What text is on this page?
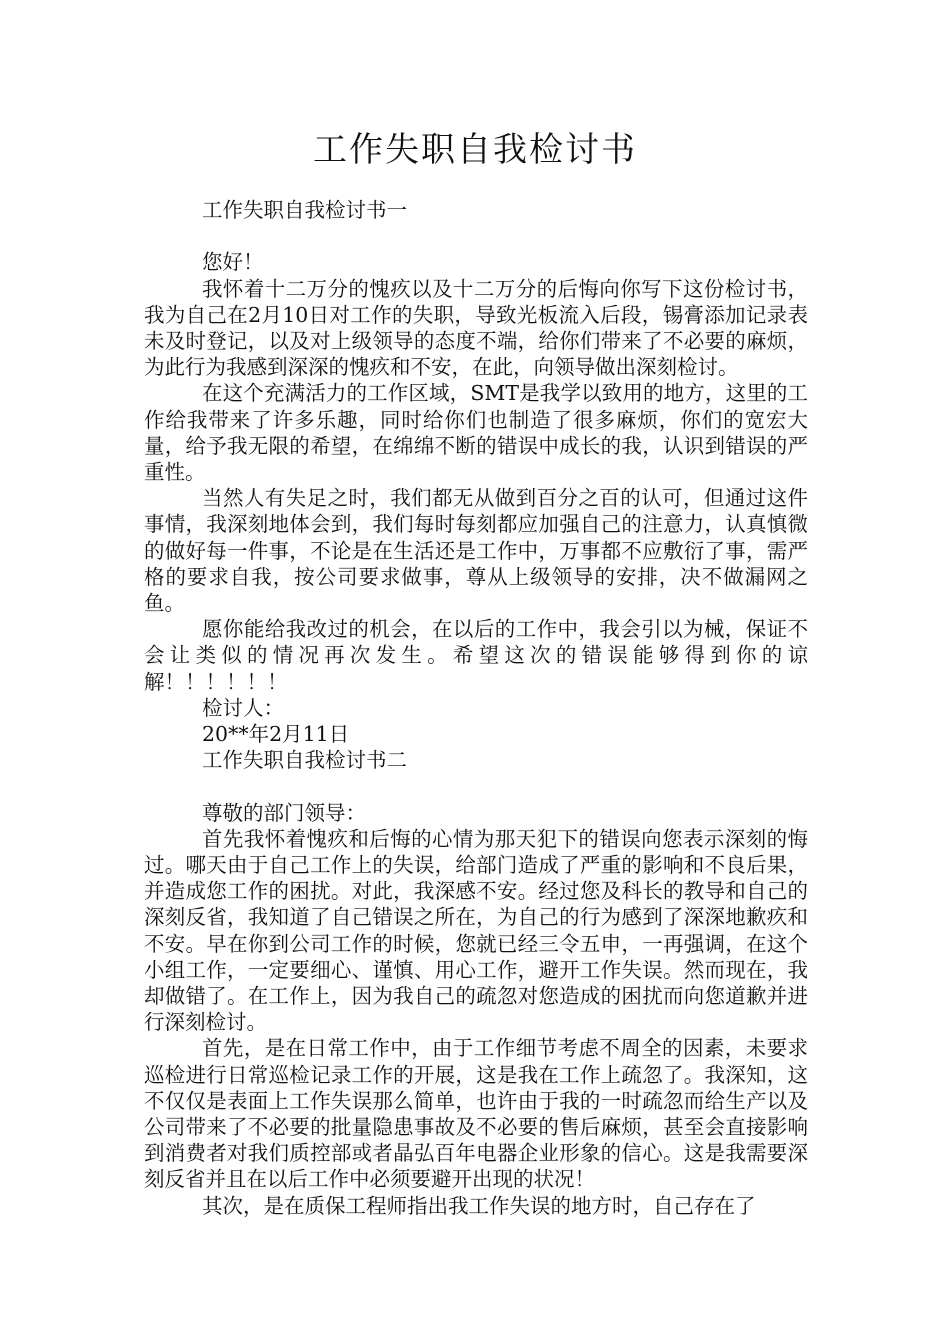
工作失职自我检讨书

工作失职自我检讨书一

您好！

我怀着十二万分的愧疚以及十二万分的后悔向你写下这份检讨书，我为自己在2月10日对工作的失职，导致光板流入后段，锡膏添加记录表未及时登记，以及对上级领导的态度不端，给你们带来了不必要的麻烦，为此行为我感到深深的愧疚和不安，在此，向领导做出深刻检讨。

在这个充满活力的工作区域，SMT是我学以致用的地方，这里的工作给我带来了许多乐趣，同时给你们也制造了很多麻烦，你们的宽宏大量，给予我无限的希望，在绵绵不断的错误中成长的我，认识到错误的严重性。

当然人有失足之时，我们都无从做到百分之百的认可，但通过这件事情，我深刻地体会到，我们每时每刻都应加强自己的注意力，认真慎微的做好每一件事，不论是在生活还是工作中，万事都不应敷衍了事，需严格的要求自我，按公司要求做事，尊从上级领导的安排，决不做漏网之鱼。

愿你能给我改过的机会，在以后的工作中，我会引以为械，保证不会让类似的情况再次发生。希望这次的错误能够得到你的谅解！！！！！！

检讨人：

20**年2月11日

工作失职自我检讨书二

尊敬的部门领导：

首先我怀着愧疚和后悔的心情为那天犯下的错误向您表示深刻的悔过。哪天由于自己工作上的失误，给部门造成了严重的影响和不良后果，并造成您工作的困扰。对此，我深感不安。经过您及科长的教导和自己的深刻反省，我知道了自己错误之所在，为自己的行为感到了深深地歉疚和不安。早在你到公司工作的时候，您就已经三令五申，一再强调，在这个小组工作，一定要细心、谨慎、用心工作，避开工作失误。然而现在，我却做错了。在工作上，因为我自己的疏忽对您造成的困扰而向您道歉并进行深刻检讨。

首先，是在日常工作中，由于工作细节考虑不周全的因素，未要求巡检进行日常巡检记录工作的开展，这是我在工作上疏忽了。我深知，这不仅仅是表面上工作失误那么简单，也许由于我的一时疏忽而给生产以及公司带来了不必要的批量隐患事故及不必要的售后麻烦，甚至会直接影响到消费者对我们质控部或者晶弘百年电器企业形象的信心。这是我需要深刻反省并且在以后工作中必须要避开出现的状况！

其次，是在质保工程师指出我工作失误的地方时，自己存在了
